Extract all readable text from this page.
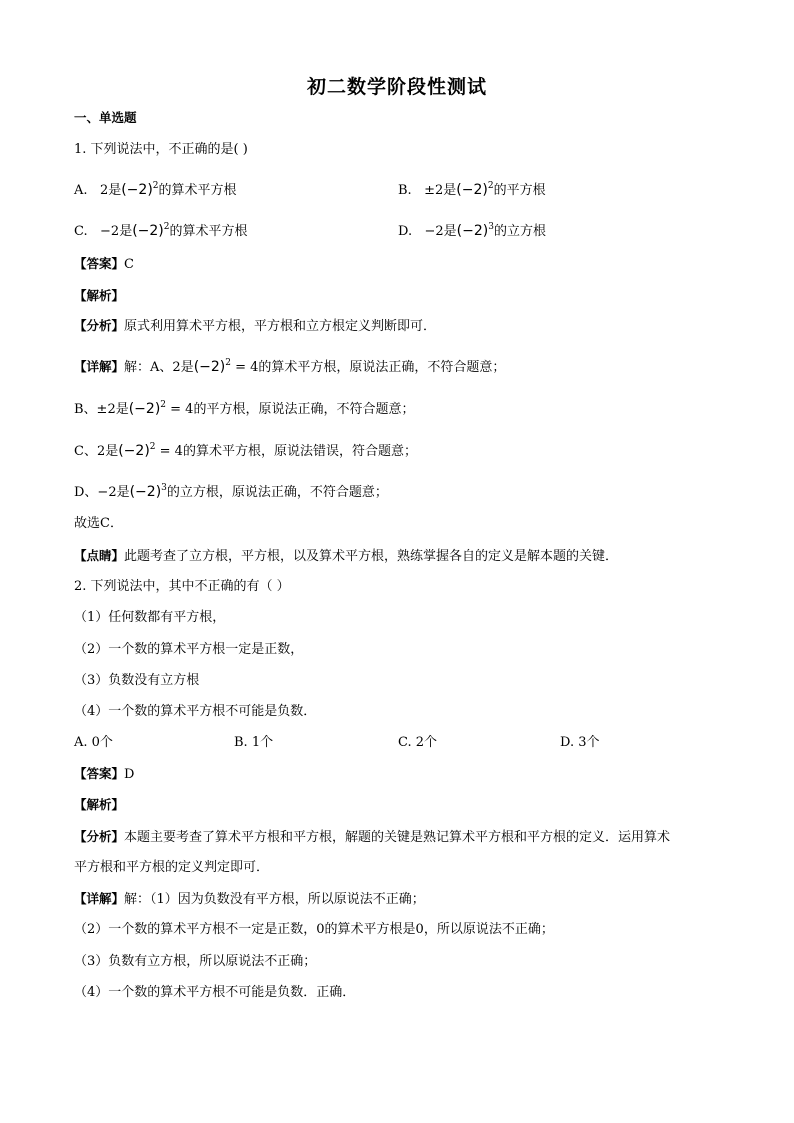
初二数学阶段性测试
一、单选题
1. 下列说法中，不正确的是( )
A. 2是$(-2)^2$的算术平方根	B. ±2是$(-2)^2$的平方根
C. −2是$(-2)^2$的算术平方根	D. −2是$(-2)^3$的立方根
【答案】C
【解析】
【分析】原式利用算术平方根，平方根和立方根定义判断即可．
【详解】解：A、2是$(-2)^2 = 4$的算术平方根，原说法正确，不符合题意；
B、±2是$(-2)^2 = 4$的平方根，原说法正确，不符合题意；
C、2是$(-2)^2 = 4$的算术平方根，原说法错误，符合题意；
D、−2是$(-2)^3$的立方根，原说法正确，不符合题意；
故选C．
【点睛】此题考查了立方根，平方根，以及算术平方根，熟练掌握各自的定义是解本题的关键．
2. 下列说法中，其中不正确的有（ ）
（1）任何数都有平方根，
（2）一个数的算术平方根一定是正数，
（3）负数没有立方根
（4）一个数的算术平方根不可能是负数．
A. 0个	B. 1个	C. 2个	D. 3个
【答案】D
【解析】
【分析】本题主要考查了算术平方根和平方根，解题的关键是熟记算术平方根和平方根的定义．运用算术
平方根和平方根的定义判定即可．
【详解】解：（1）因为负数没有平方根，所以原说法不正确；
（2）一个数的算术平方根不一定是正数，0的算术平方根是0，所以原说法不正确；
（3）负数有立方根，所以原说法不正确；
（4）一个数的算术平方根不可能是负数．正确．
